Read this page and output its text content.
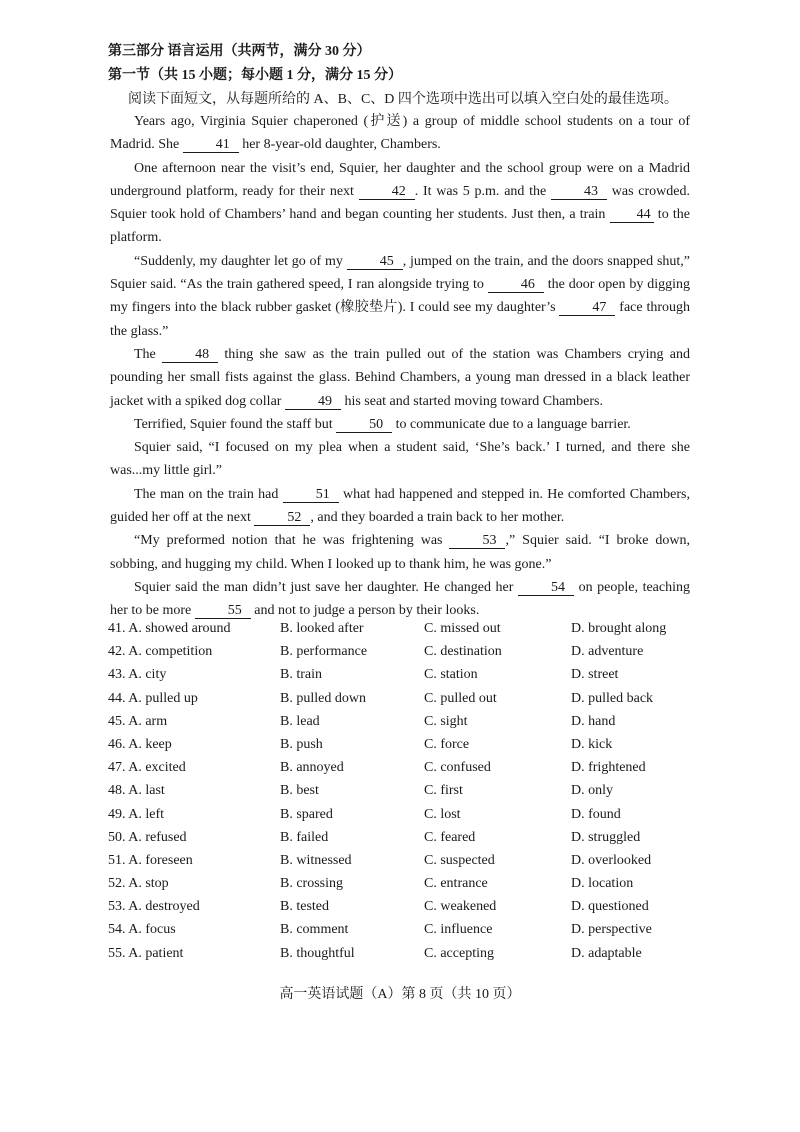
第三部分 语言运用（共两节，满分 30 分）
第一节（共 15 小题；每小题 1 分，满分 15 分）
阅读下面短文，从每题所给的 A、B、C、D 四个选项中选出可以填入空白处的最佳选项。

Years ago, Virginia Squier chaperoned (护送) a group of middle school students on a tour of Madrid. She 41 her 8-year-old daughter, Chambers.

One afternoon near the visit’s end, Squier, her daughter and the school group were on a Madrid underground platform, ready for their next 42 . It was 5 p.m. and the 43 was crowded. Squier took hold of Chambers’ hand and began counting her students. Just then, a train 44 to the platform.

“Suddenly, my daughter let go of my 45 , jumped on the train, and the doors snapped shut,” Squier said. “As the train gathered speed, I ran alongside trying to 46 the door open by digging my fingers into the black rubber gasket (橡胶垫片). I could see my daughter’s 47 face through the glass.”

The 48 thing she saw as the train pulled out of the station was Chambers crying and pounding her small fists against the glass. Behind Chambers, a young man dressed in a black leather jacket with a spiked dog collar 49 his seat and started moving toward Chambers.

Terrified, Squier found the staff but 50 to communicate due to a language barrier.

Squier said, “I focused on my plea when a student said, ‘She’s back.’ I turned, and there she was...my little girl.”

The man on the train had 51 what had happened and stepped in. He comforted Chambers, guided her off at the next 52 , and they boarded a train back to her mother.

“My preformed notion that he was frightening was 53 ,” Squier said. “I broke down, sobbing, and hugging my child. When I looked up to thank him, he was gone.”

Squier said the man didn’t just save her daughter. He changed her 54 on people, teaching her to be more 55 and not to judge a person by their looks.

41. A. showed around	B. looked after	C. missed out	D. brought along
42. A. competition	B. performance	C. destination	D. adventure
43. A. city	B. train	C. station	D. street
44. A. pulled up	B. pulled down	C. pulled out	D. pulled back
45. A. arm	B. lead	C. sight	D. hand
46. A. keep	B. push	C. force	D. kick
47. A. excited	B. annoyed	C. confused	D. frightened
48. A. last	B. best	C. first	D. only
49. A. left	B. spared	C. lost	D. found
50. A. refused	B. failed	C. feared	D. struggled
51. A. foreseen	B. witnessed	C. suspected	D. overlooked
52. A. stop	B. crossing	C. entrance	D. location
53. A. destroyed	B. tested	C. weakened	D. questioned
54. A. focus	B. comment	C. influence	D. perspective
55. A. patient	B. thoughtful	C. accepting	D. adaptable
高一英语试题（A）第 8 页（共 10 页）
